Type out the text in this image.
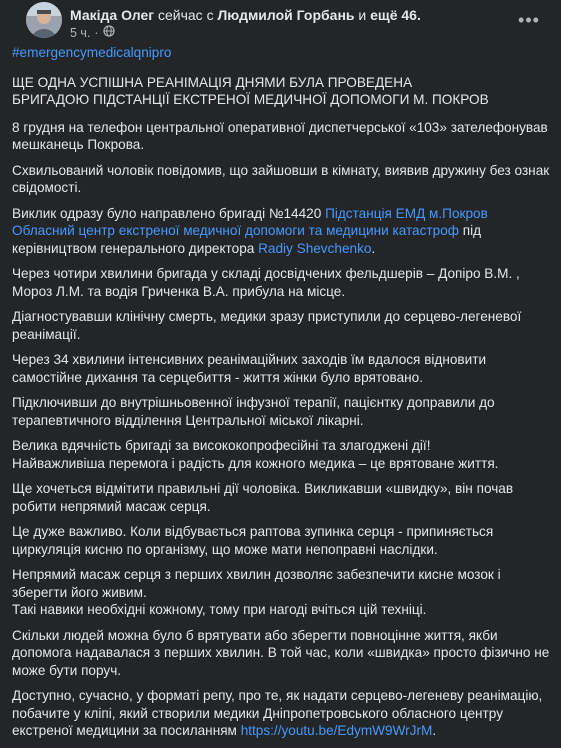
Макіда Олег сейчас с Людмилой Горбань и ещё 46.
5 ч. ·
•••
#emergencymedicalqnipro
ЩЕ ОДНА УСПІШНА РЕАНІМАЦІЯ ДНЯМИ БУЛА ПРОВЕДЕНА
БРИГАДОЮ ПІДСТАНЦІЇ ЕКСТРЕНОЇ МЕДИЧНОЇ ДОПОМОГИ М. ПОКРОВ

8 грудня на телефон центральної оперативної диспетчерської «103» зателефонував мешканець Покрова.

Схвильований чоловік повідомив, що зайшовши в кімнату, виявив дружину без ознак свідомості.

Виклик одразу було направлено бригаді №14420 Підстанція ЕМД м.Покров Обласний центр екстреної медичної допомоги та медицини катастроф під керівництвом генерального директора Radiy Shevchenko.

Через чотири хвилини бригада у складі досвідчених фельдшерів – Допіро В.М. , Мороз Л.М. та водія Гриченка В.А. прибула на місце.

Діагностувавши клінічну смерть, медики зразу приступили до серцево-легеневої реанімації.

Через 34 хвилини інтенсивних реанімаційних заходів їм вдалося відновити самостійне дихання та серцебиття - життя жінки було врятовано.

Підключивши до внутрішньовенної інфузної терапії, пацієнтку доправили до терапевтичного відділення Центральної міської лікарні.

Велика вдячність бригаді за висококопрофесійні та злагоджені дії!
Найважливіша перемога і радість для кожного медика – це врятоване життя.

Ще хочеться відмітити правильні дії чоловіка. Викликавши «швидку», він почав робити непрямий масаж серця.

Це дуже важливо. Коли відбувається раптова зупинка серця - припиняється циркуляція кисню по організму, що може мати непоправні наслідки.

Непрямий масаж серця з перших хвилин дозволяє забезпечити кисне мозок і зберегти його живим.
Такі навики необхідні кожному, тому при нагоді вчіться цій техніці.

Скільки людей можна було б врятувати або зберегти повноцінне життя, якби допомога надавалася з перших хвилин. В той час, коли «швидка» просто фізично не може бути поруч.

Доступно, сучасно, у форматі репу, про те, як надати серцево-легеневу реанімацію, побачите у кліпі, який створили медики Дніпропетровського обласного центру екстреної медицини за посиланням https://youtu.be/EdymW9WrJrM.
